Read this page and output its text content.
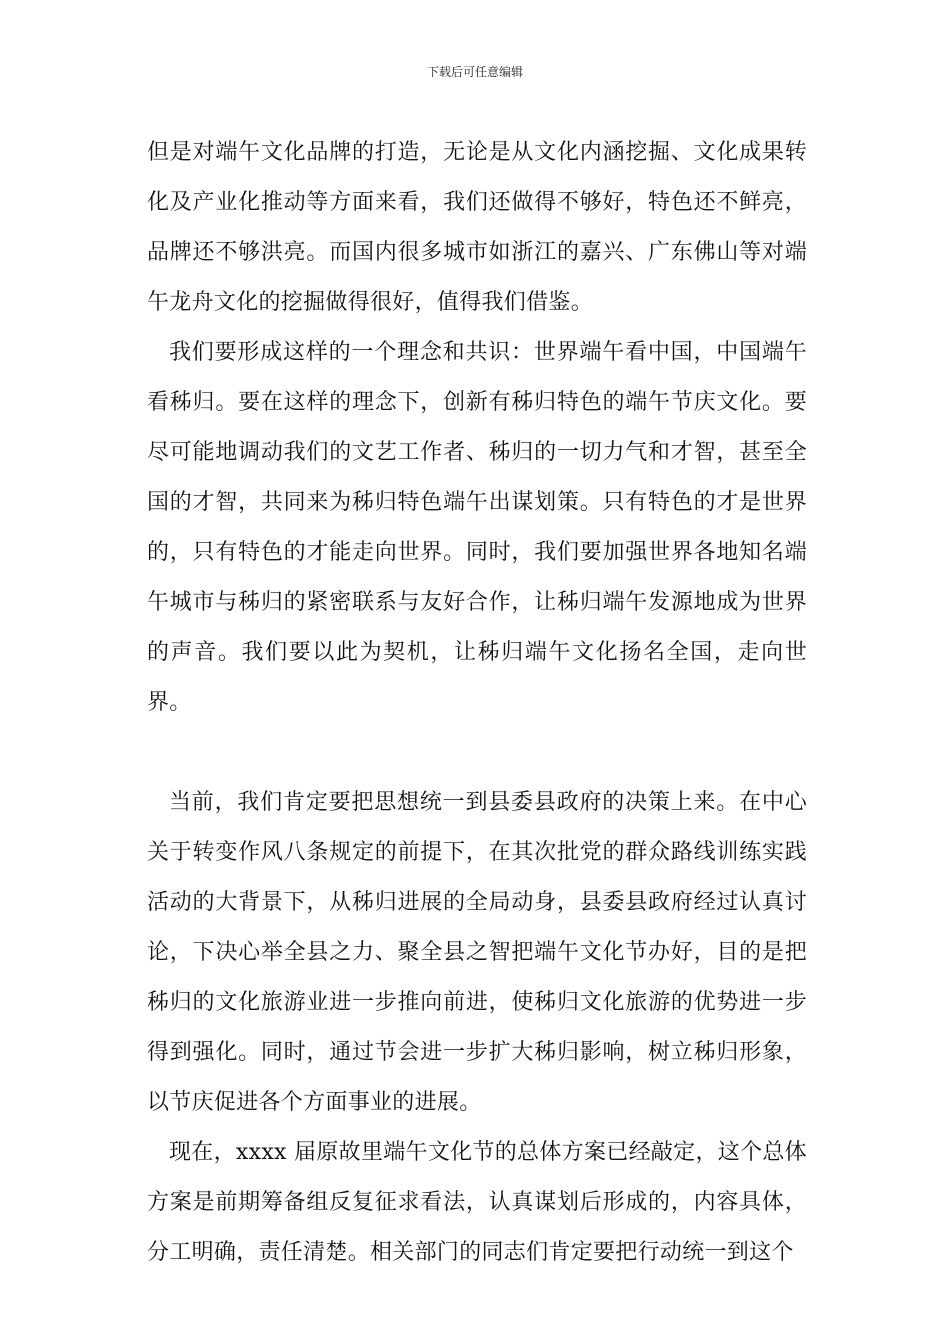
下载后可任意编辑

但是对端午文化品牌的打造，无论是从文化内涵挖掘、文化成果转化及产业化推动等方面来看，我们还做得不够好，特色还不鲜亮，品牌还不够洪亮。而国内很多城市如浙江的嘉兴、广东佛山等对端午龙舟文化的挖掘做得很好，值得我们借鉴。

我们要形成这样的一个理念和共识：世界端午看中国，中国端午看秭归。要在这样的理念下，创新有秭归特色的端午节庆文化。要尽可能地调动我们的文艺工作者、秭归的一切力气和才智，甚至全国的才智，共同来为秭归特色端午出谋划策。只有特色的才是世界的，只有特色的才能走向世界。同时，我们要加强世界各地知名端午城市与秭归的紧密联系与友好合作，让秭归端午发源地成为世界的声音。我们要以此为契机，让秭归端午文化扬名全国，走向世界。

当前，我们肯定要把思想统一到县委县政府的决策上来。在中心关于转变作风八条规定的前提下，在其次批党的群众路线训练实践活动的大背景下，从秭归进展的全局动身，县委县政府经过认真讨论，下决心举全县之力、聚全县之智把端午文化节办好，目的是把秭归的文化旅游业进一步推向前进，使秭归文化旅游的优势进一步得到强化。同时，通过节会进一步扩大秭归影响，树立秭归形象，以节庆促进各个方面事业的进展。

现在，xxxx 届原故里端午文化节的总体方案已经敲定，这个总体方案是前期筹备组反复征求看法，认真谋划后形成的，内容具体，分工明确，责任清楚。相关部门的同志们肯定要把行动统一到这个
